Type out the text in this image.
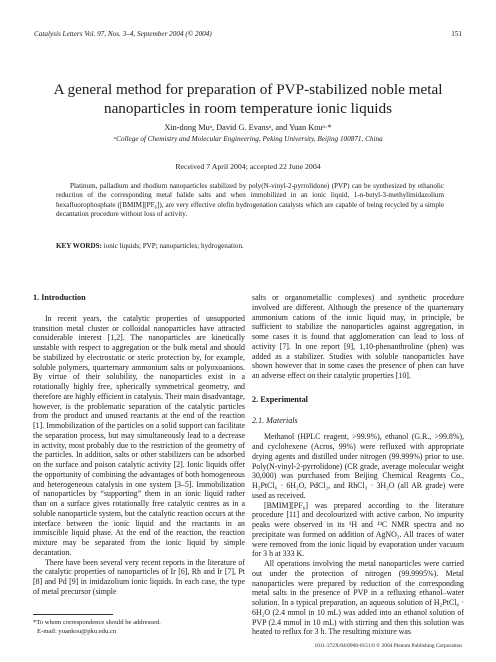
Catalysis Letters Vol. 97, Nos. 3–4, September 2004 (© 2004)	151
A general method for preparation of PVP-stabilized noble metal
nanoparticles in room temperature ionic liquids
Xin-dong Muᵃ, David G. Evansᵃ, and Yuan Kouᵃ·*
ᵃCollege of Chemistry and Molecular Engineering, Peking University, Beijing 100871, China
Received 7 April 2004; accepted 22 June 2004
Platinum, palladium and rhodium nanoparticles stabilized by poly(N-vinyl-2-pyrrolidone) (PVP) can be synthesized by ethanolic reduction of the corresponding metal halide salts and when immobilized in an ionic liquid, 1-n-butyl-3-methylimidazolium hexafluorophosphate ([BMIM][PF₆]), are very effective olefin hydrogenation catalysts which are capable of being recycled by a simple decantation procedure without loss of activity.
KEY WORDS: ionic liquids; PVP; nanoparticles; hydrogenation.
1. Introduction

In recent years, the catalytic properties of unsupported transition metal cluster or colloidal nanoparticles have attracted considerable interest [1,2]. The nanoparticles are kinetically unstable with respect to aggregation or the bulk metal and should be stabilized by electrostatic or steric protection by, for example, soluble polymers, quarternary ammonium salts or polyoxoanions. By virtue of their solubility, the nanoparticles exist in a rotationally highly free, spherically symmetrical geometry, and therefore are highly efficient in catalysis. Their main disadvantage, however, is the problematic separation of the catalytic particles from the product and unused reactants at the end of the reaction [1]. Immobilization of the particles on a solid support can facilitate the separation process, but may simultaneously lead to a decrease in activity, most probably due to the restriction of the geometry of the particles. In addition, salts or other stabilizers can be adsorbed on the surface and poison catalytic activity [2]. Ionic liquids offer the opportunity of combining the advantages of both homogeneous and heterogeneous catalysis in one system [3–5]. Immobilization of nanoparticles by “supporting” them in an ionic liquid rather than on a surface gives rotationally free catalytic centres as in a soluble nanoparticle system, but the catalytic reaction occurs at the interface between the ionic liquid and the reactants in an immiscible liquid phase. At the end of the reaction, the reaction mixture may be separated from the ionic liquid by simple decantation.

There have been several very recent reports in the literature of the catalytic properties of nanoparticles of Ir [6], Rh and Ir [7], Pt [8] and Pd [9] in imidazolium ionic liquids. In each case, the type of metal precursor (simple

*To whom correspondence should be addressed.
E-mail: yuankou@pku.edu.cn

salts or organometallic complexes) and synthetic procedure involved are different. Although the presence of the quarternary ammonium cations of the ionic liquid may, in principle, be sufficient to stabilize the nanoparticles against aggregation, in some cases it is found that agglomeration can lead to loss of activity [7]. In one report [9], 1,10-phenanthroline (phen) was added as a stabilizer. Studies with soluble nanoparticles have shown however that in some cases the presence of phen can have an adverse effect on their catalytic properties [10].

2. Experimental
2.1. Materials

Methanol (HPLC reagent, >99.9%), ethanol (G.R., >99.8%), and cyclohexene (Acros, 99%) were refluxed with appropriate drying agents and distilled under nitrogen (99.999%) prior to use. Poly(N-vinyl-2-pyrrolidone) (CR grade, average molecular weight 30,000) was purchased from Beijing Chemical Reagents Co., H₂PtCl₆ · 6H₂O, PdCl₂, and RhCl₃ · 3H₂O (all AR grade) were used as received.

[BMIM][PF₆] was prepared according to the literature procedure [11] and decolourized with active carbon. No impurity peaks were observed in its ¹H and ¹³C NMR spectra and no precipitate was formed on addition of AgNO₃. All traces of water were removed from the ionic liquid by evaporation under vacuum for 3 h at 333 K.

All operations involving the metal nanoparticles were carried out under the protection of nitrogen (99.9995%). Metal nanoparticles were prepared by reduction of the corresponding metal salts in the presence of PVP in a refluxing ethanol–water solution. In a typical preparation, an aqueous solution of H₂PtCl₆ · 6H₂O (2.4 mmol in 10 mL) was added into an ethanol solution of PVP (2.4 mmol in 10 mL) with stirring and then this solution was heated to reflux for 3 h. The resulting mixture was

1011-372X/04/0900-0151/0 © 2004 Plenum Publishing Corporation
